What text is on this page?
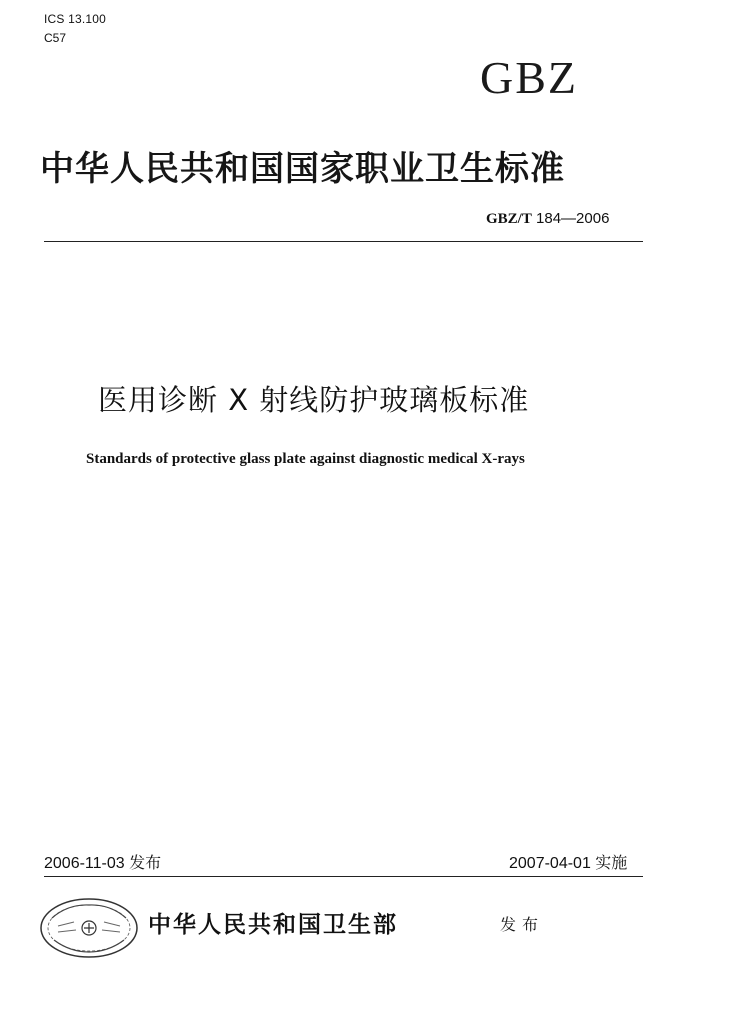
ICS 13.100
C57
GBZ
中华人民共和国国家职业卫生标准
GBZ/T 184—2006
医用诊断 X 射线防护玻璃板标准
Standards of protective glass plate against diagnostic medical X-rays
2006-11-03 发布	2007-04-01 实施
中华人民共和国卫生部	发布
